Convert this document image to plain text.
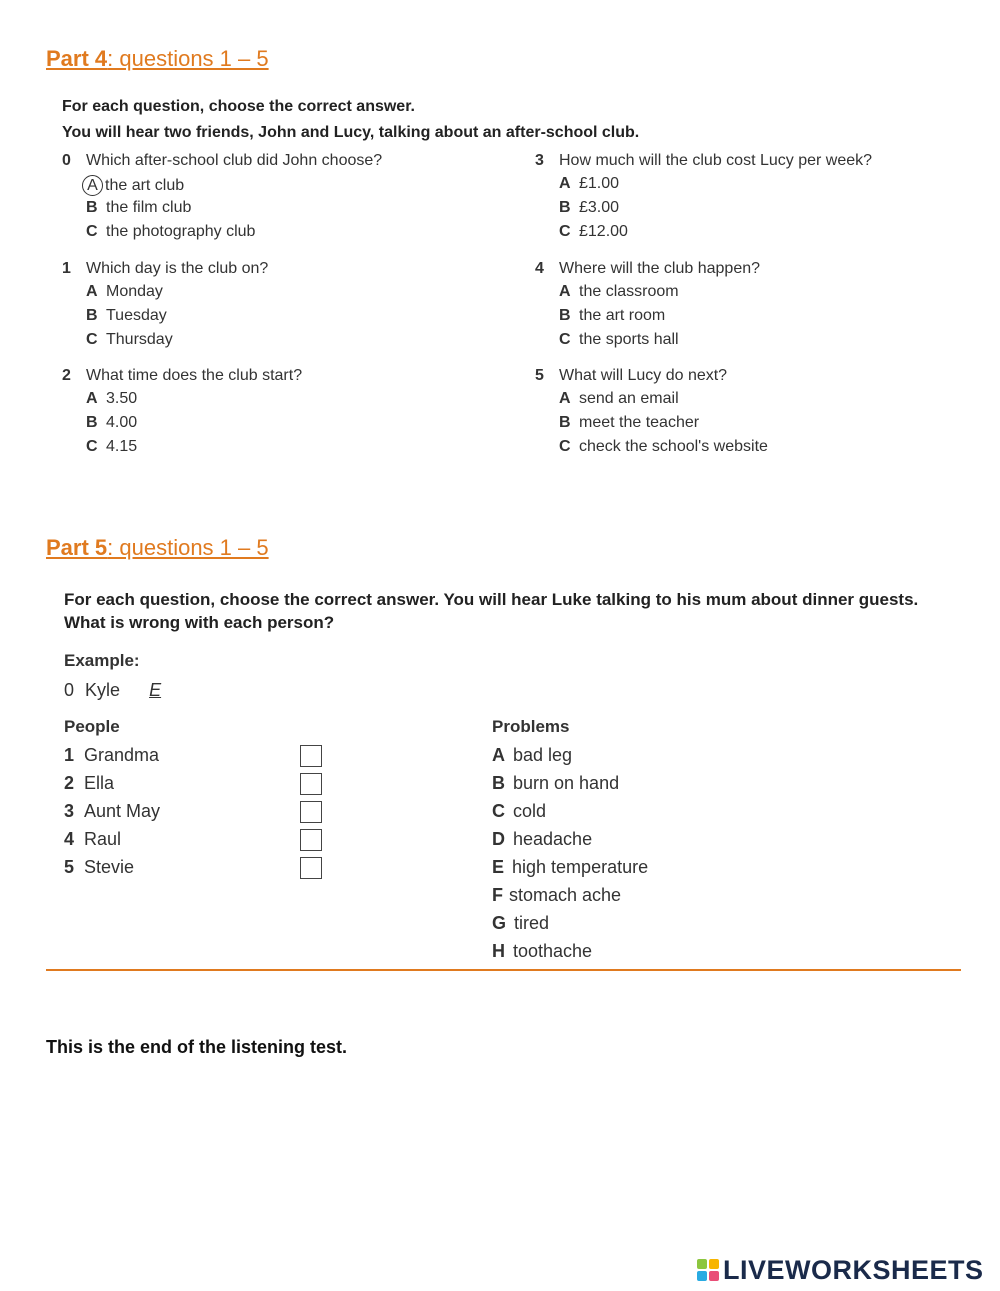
Part 4: questions 1 – 5
For each question, choose the correct answer.
You will hear two friends, John and Lucy, talking about an after-school club.
0 Which after-school club did John choose?
A the art club
B the film club
C the photography club
1 Which day is the club on?
A Monday
B Tuesday
C Thursday
2 What time does the club start?
A 3.50
B 4.00
C 4.15
3 How much will the club cost Lucy per week?
A £1.00
B £3.00
C £12.00
4 Where will the club happen?
A the classroom
B the art room
C the sports hall
5 What will Lucy do next?
A send an email
B meet the teacher
C check the school's website
Part 5: questions 1 – 5
For each question, choose the correct answer. You will hear Luke talking to his mum about dinner guests.
What is wrong with each person?
Example:
0 Kyle E
People	Problems
1 Grandma
2 Ella
3 Aunt May
4 Raul
5 Stevie
A bad leg
B burn on hand
C cold
D headache
E high temperature
F stomach ache
G tired
H toothache
This is the end of the listening test.
LIVEWORKSHEETS
